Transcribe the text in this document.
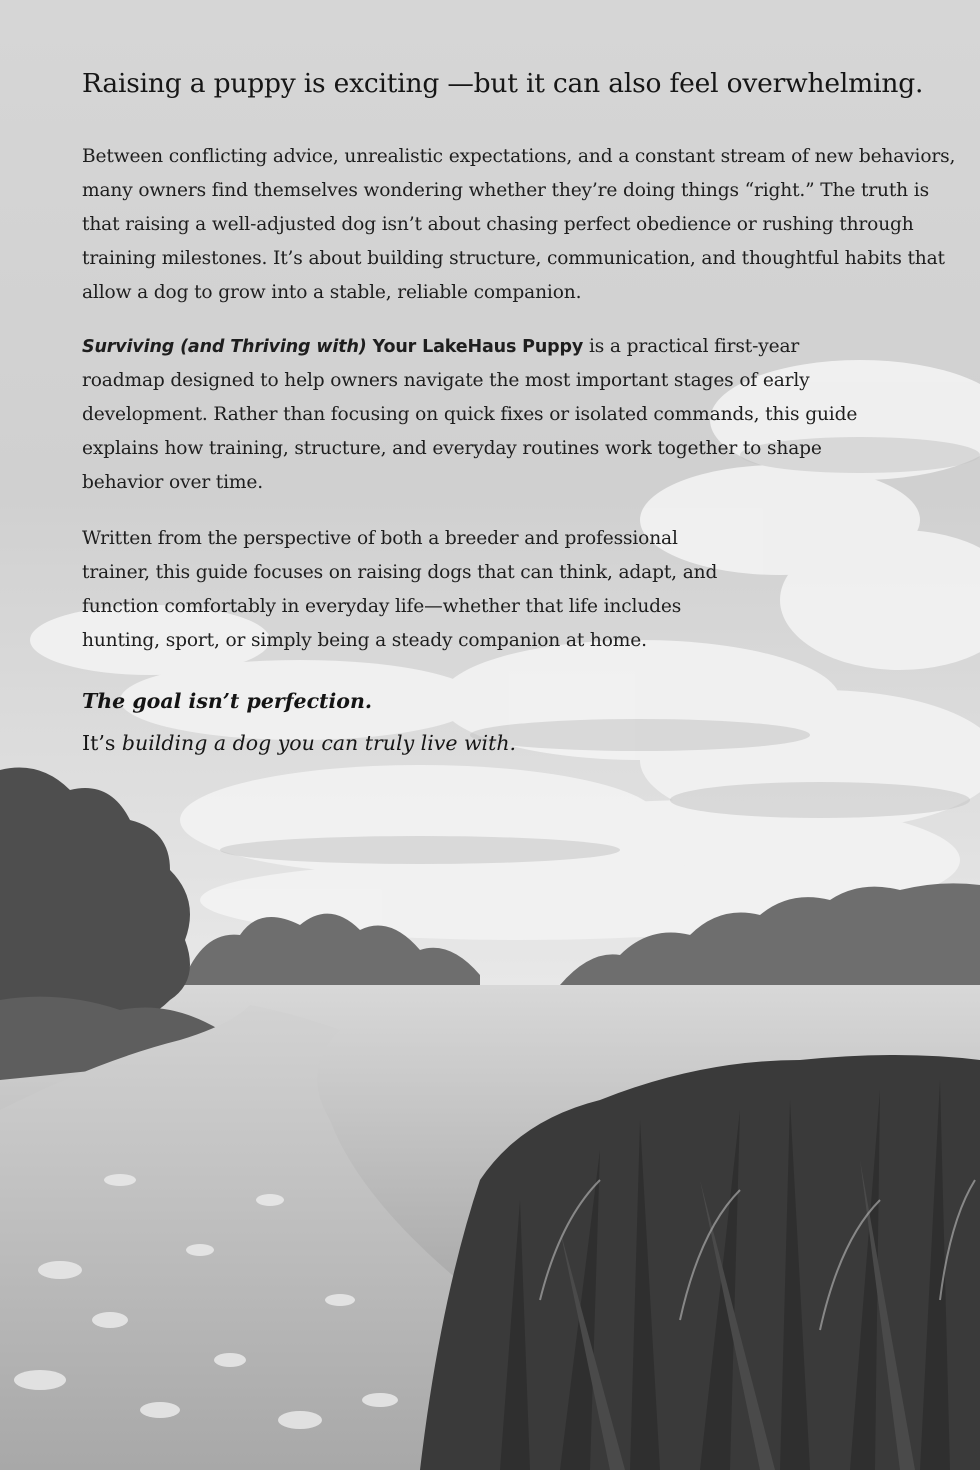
Raising a puppy is exciting —but it can also feel overwhelming.

Between conflicting advice, unrealistic expectations, and a constant stream of new behaviors, many owners find themselves wondering whether they’re doing things “right.” The truth is that raising a well-adjusted dog isn’t about chasing perfect obedience or rushing through training milestones. It’s about building structure, communication, and thoughtful habits that allow a dog to grow into a stable, reliable companion.

Surviving (and Thriving with) Your LakeHaus Puppy is a practical first-year roadmap designed to help owners navigate the most important stages of early development. Rather than focusing on quick fixes or isolated commands, this guide explains how training, structure, and everyday routines work together to shape behavior over time.

Written from the perspective of both a breeder and professional trainer, this guide focuses on raising dogs that can think, adapt, and function comfortably in everyday life—whether that life includes hunting, sport, or simply being a steady companion at home.

The goal isn’t perfection.
It’s building a dog you can truly live with.
